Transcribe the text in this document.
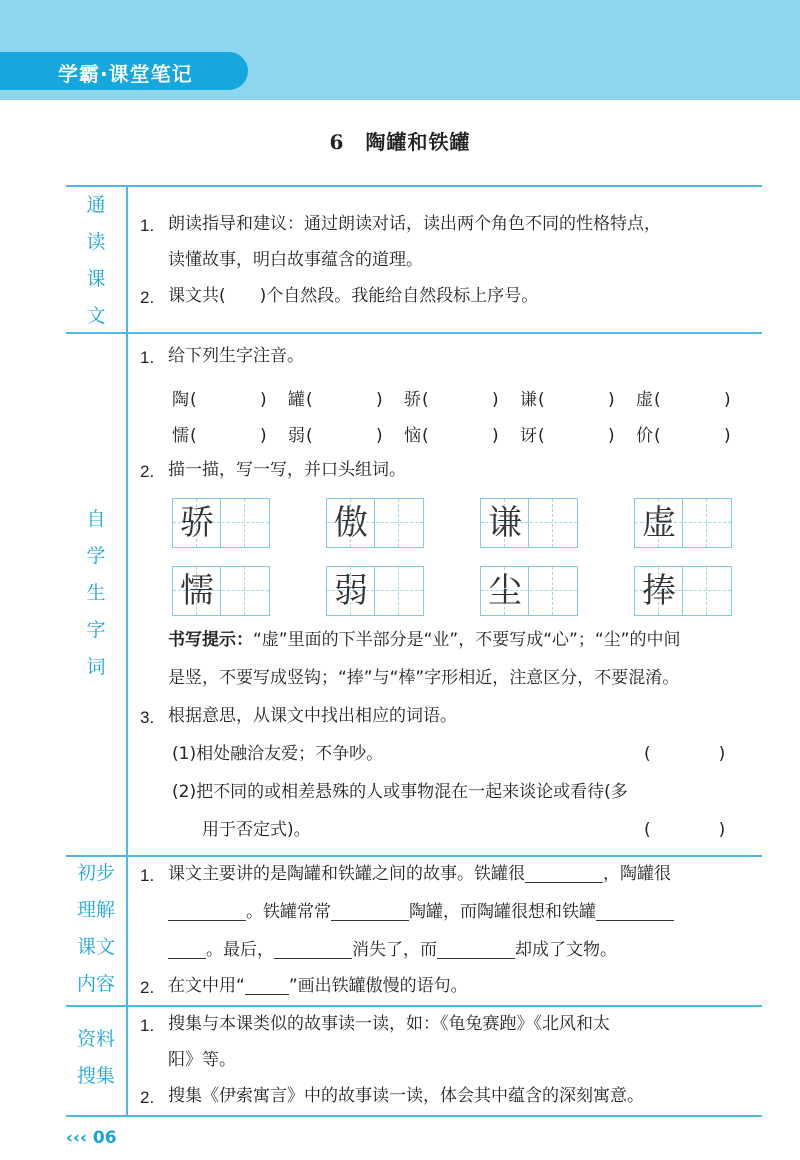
学霸·课堂笔记
6　陶罐和铁罐
通
读
课
文
1. 朗读指导和建议：通过朗读对话，读出两个角色不同的性格特点，
读懂故事，明白故事蕴含的道理。
2. 课文共(　　)个自然段。我能给自然段标上序号。
自
学
生
字
词
1. 给下列生字注音。
陶 (	) 罐 (	) 骄 (	) 谦 (	) 虚 (	)
懦 (	) 弱 (	) 恼 (	) 讶 (	) 价 (	)
2. 描一描，写一写，并口头组词。
骄	傲	谦	虚
懦	弱	尘	捧
书写提示：“虚”里面的下半部分是“业”，不要写成“心”；“尘”的中间
是竖，不要写成竖钩；“捧”与“棒”字形相近，注意区分，不要混淆。
3. 根据意思，从课文中找出相应的词语。
(1)相处融洽友爱；不争吵。	(　　　　)
(2)把不同的或相差悬殊的人或事物混在一起来谈论或看待(多
用于否定式)。	(　　　　)
初步
理解
课文
内容
1. 课文主要讲的是陶罐和铁罐之间的故事。铁罐很	，陶罐很
。铁罐常常	陶罐，而陶罐很想和铁罐
。最后，	消失了，而	却成了文物。
2. 在文中用“	”画出铁罐傲慢的语句。
资料
搜集
1. 搜集与本课类似的故事读一读，如：《龟兔赛跑》《北风和太
阳》等。
2. 搜集《伊索寓言》中的故事读一读，体会其中蕴含的深刻寓意。
‹‹‹ 06
